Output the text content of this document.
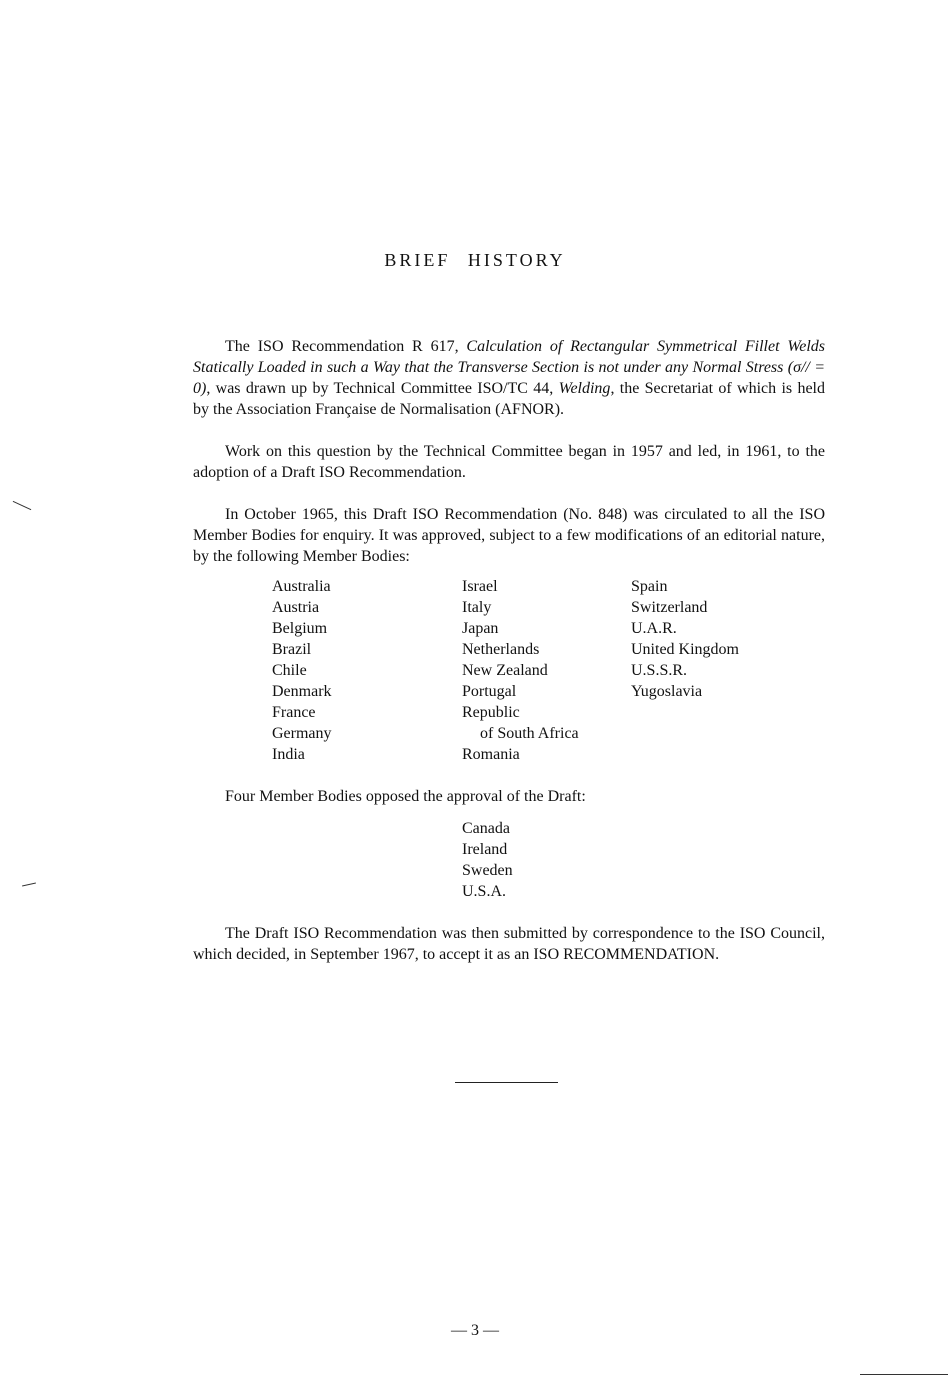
BRIEF HISTORY

The ISO Recommendation R 617, Calculation of Rectangular Symmetrical Fillet Welds Statically Loaded in such a Way that the Transverse Section is not under any Normal Stress (σ// = 0), was drawn up by Technical Committee ISO/TC 44, Welding, the Secretariat of which is held by the Association Française de Normalisation (AFNOR).

Work on this question by the Technical Committee began in 1957 and led, in 1961, to the adoption of a Draft ISO Recommendation.

In October 1965, this Draft ISO Recommendation (No. 848) was circulated to all the ISO Member Bodies for enquiry. It was approved, subject to a few modifications of an editorial nature, by the following Member Bodies:

Australia
Austria
Belgium
Brazil
Chile
Denmark
France
Germany
India
Israel
Italy
Japan
Netherlands
New Zealand
Portugal
Republic
of South Africa
Romania
Spain
Switzerland
U.A.R.
United Kingdom
U.S.S.R.
Yugoslavia
Four Member Bodies opposed the approval of the Draft:
Canada
Ireland
Sweden
U.S.A.

The Draft ISO Recommendation was then submitted by correspondence to the ISO Council, which decided, in September 1967, to accept it as an ISO RECOMMENDATION.

— 3 —
